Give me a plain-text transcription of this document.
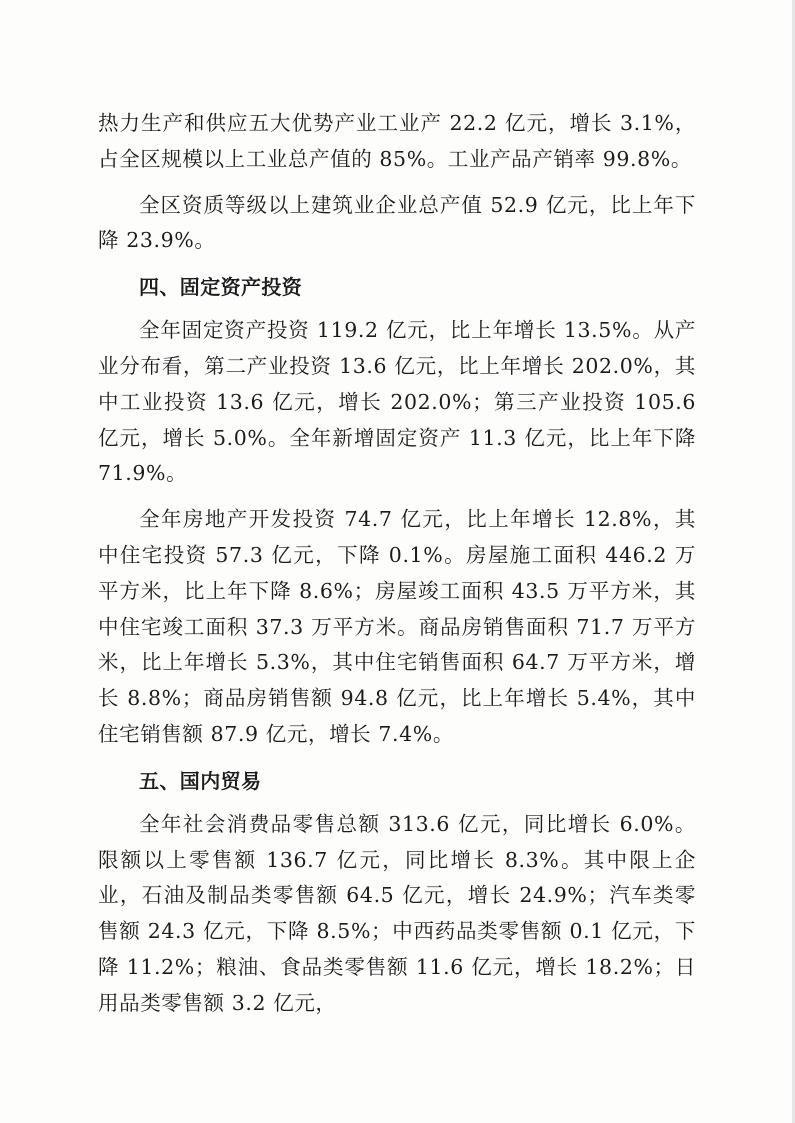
热力生产和供应五大优势产业工业产 22.2 亿元，增长 3.1%，占全区规模以上工业总产值的 85%。工业产品产销率 99.8%。

全区资质等级以上建筑业企业总产值 52.9 亿元，比上年下降 23.9%。

四、固定资产投资

全年固定资产投资 119.2 亿元，比上年增长 13.5%。从产业分布看，第二产业投资 13.6 亿元，比上年增长 202.0%，其中工业投资 13.6 亿元，增长 202.0%；第三产业投资 105.6 亿元，增长 5.0%。全年新增固定资产 11.3 亿元，比上年下降 71.9%。

全年房地产开发投资 74.7 亿元，比上年增长 12.8%，其中住宅投资 57.3 亿元，下降 0.1%。房屋施工面积 446.2 万平方米，比上年下降 8.6%；房屋竣工面积 43.5 万平方米，其中住宅竣工面积 37.3 万平方米。商品房销售面积 71.7 万平方米，比上年增长 5.3%，其中住宅销售面积 64.7 万平方米，增长 8.8%；商品房销售额 94.8 亿元，比上年增长 5.4%，其中住宅销售额 87.9 亿元，增长 7.4%。

五、国内贸易

全年社会消费品零售总额 313.6 亿元，同比增长 6.0%。限额以上零售额 136.7 亿元，同比增长 8.3%。其中限上企业，石油及制品类零售额 64.5 亿元，增长 24.9%；汽车类零售额 24.3 亿元，下降 8.5%；中西药品类零售额 0.1 亿元，下降 11.2%；粮油、食品类零售额 11.6 亿元，增长 18.2%；日用品类零售额 3.2 亿元，
